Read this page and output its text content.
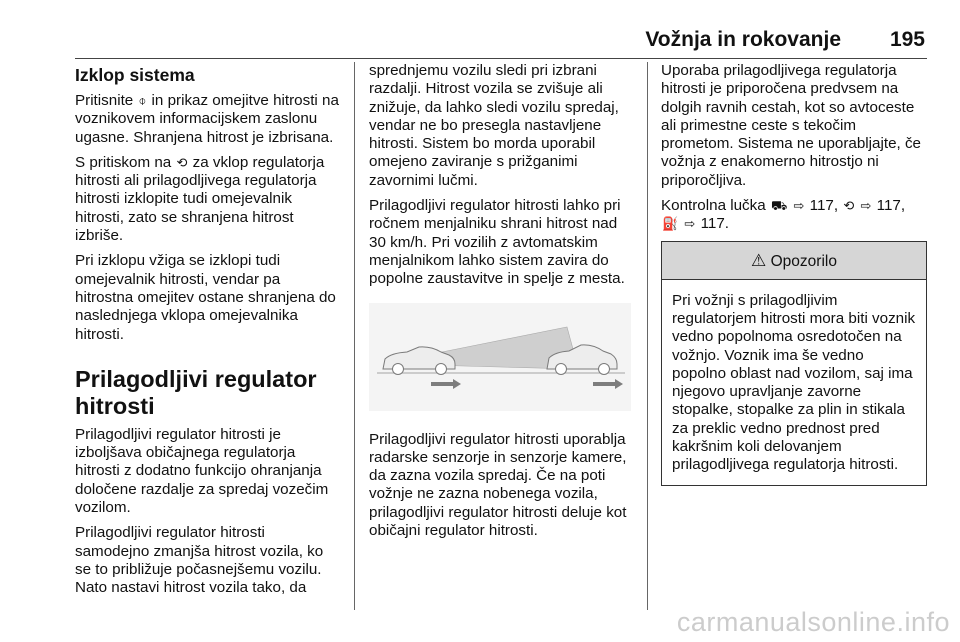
Vožnja in rokovanje 195
Izklop sistema

Pritisnite ⌽ in prikaz omejitve hitrosti na voznikovem informacijskem zaslonu ugasne. Shranjena hitrost je izbrisana.

S pritiskom na ⟲ za vklop regulatorja hitrosti ali prilagodljivega regulatorja hitrosti izklopite tudi omejevalnik hitrosti, zato se shranjena hitrost izbriše.

Pri izklopu vžiga se izklopi tudi omejevalnik hitrosti, vendar pa hitrostna omejitev ostane shranjena do naslednjega vklopa omejevalnika hitrosti.

Prilagodljivi regulator hitrosti

Prilagodljivi regulator hitrosti je izboljšava običajnega regulatorja hitrosti z dodatno funkcijo ohranjanja določene razdalje za spredaj vozečim vozilom.

Prilagodljivi regulator hitrosti samodejno zmanjša hitrost vozila, ko se to približuje počasnejšemu vozilu. Nato nastavi hitrost vozila tako, da

sprednjemu vozilu sledi pri izbrani razdalji. Hitrost vozila se zvišuje ali znižuje, da lahko sledi vozilu spredaj, vendar ne bo presegla nastavljene hitrosti. Sistem bo morda uporabil omejeno zaviranje s prižganimi zavornimi lučmi.

Prilagodljivi regulator hitrosti lahko pri ročnem menjalniku shrani hitrost nad 30 km/h. Pri vozilih z avtomatskim menjalnikom lahko sistem zavira do popolne zaustavitve in spelje z mesta.

Prilagodljivi regulator hitrosti uporablja radarske senzorje in senzorje kamere, da zazna vozila spredaj. Če na poti vožnje ne zazna nobenega vozila, prilagodljivi regulator hitrosti deluje kot običajni regulator hitrosti.

Uporaba prilagodljivega regulatorja hitrosti je priporočena predvsem na dolgih ravnih cestah, kot so avtoceste ali primestne ceste s tekočim prometom. Sistema ne uporabljajte, če vožnja z enakomerno hitrostjo ni priporočljiva.

Kontrolna lučka ⛟ ⇨ 117, ⟲ ⇨ 117, ⛽ ⇨ 117.

⚠ Opozorilo
Pri vožnji s prilagodljivim regulatorjem hitrosti mora biti voznik vedno popolnoma osredotočen na vožnjo. Voznik ima še vedno popolno oblast nad vozilom, saj ima njegovo upravljanje zavorne stopalke, stopalke za plin in stikala za preklic vedno prednost pred kakršnim koli delovanjem prilagodljivega regulatorja hitrosti.
carmanualsonline.info
